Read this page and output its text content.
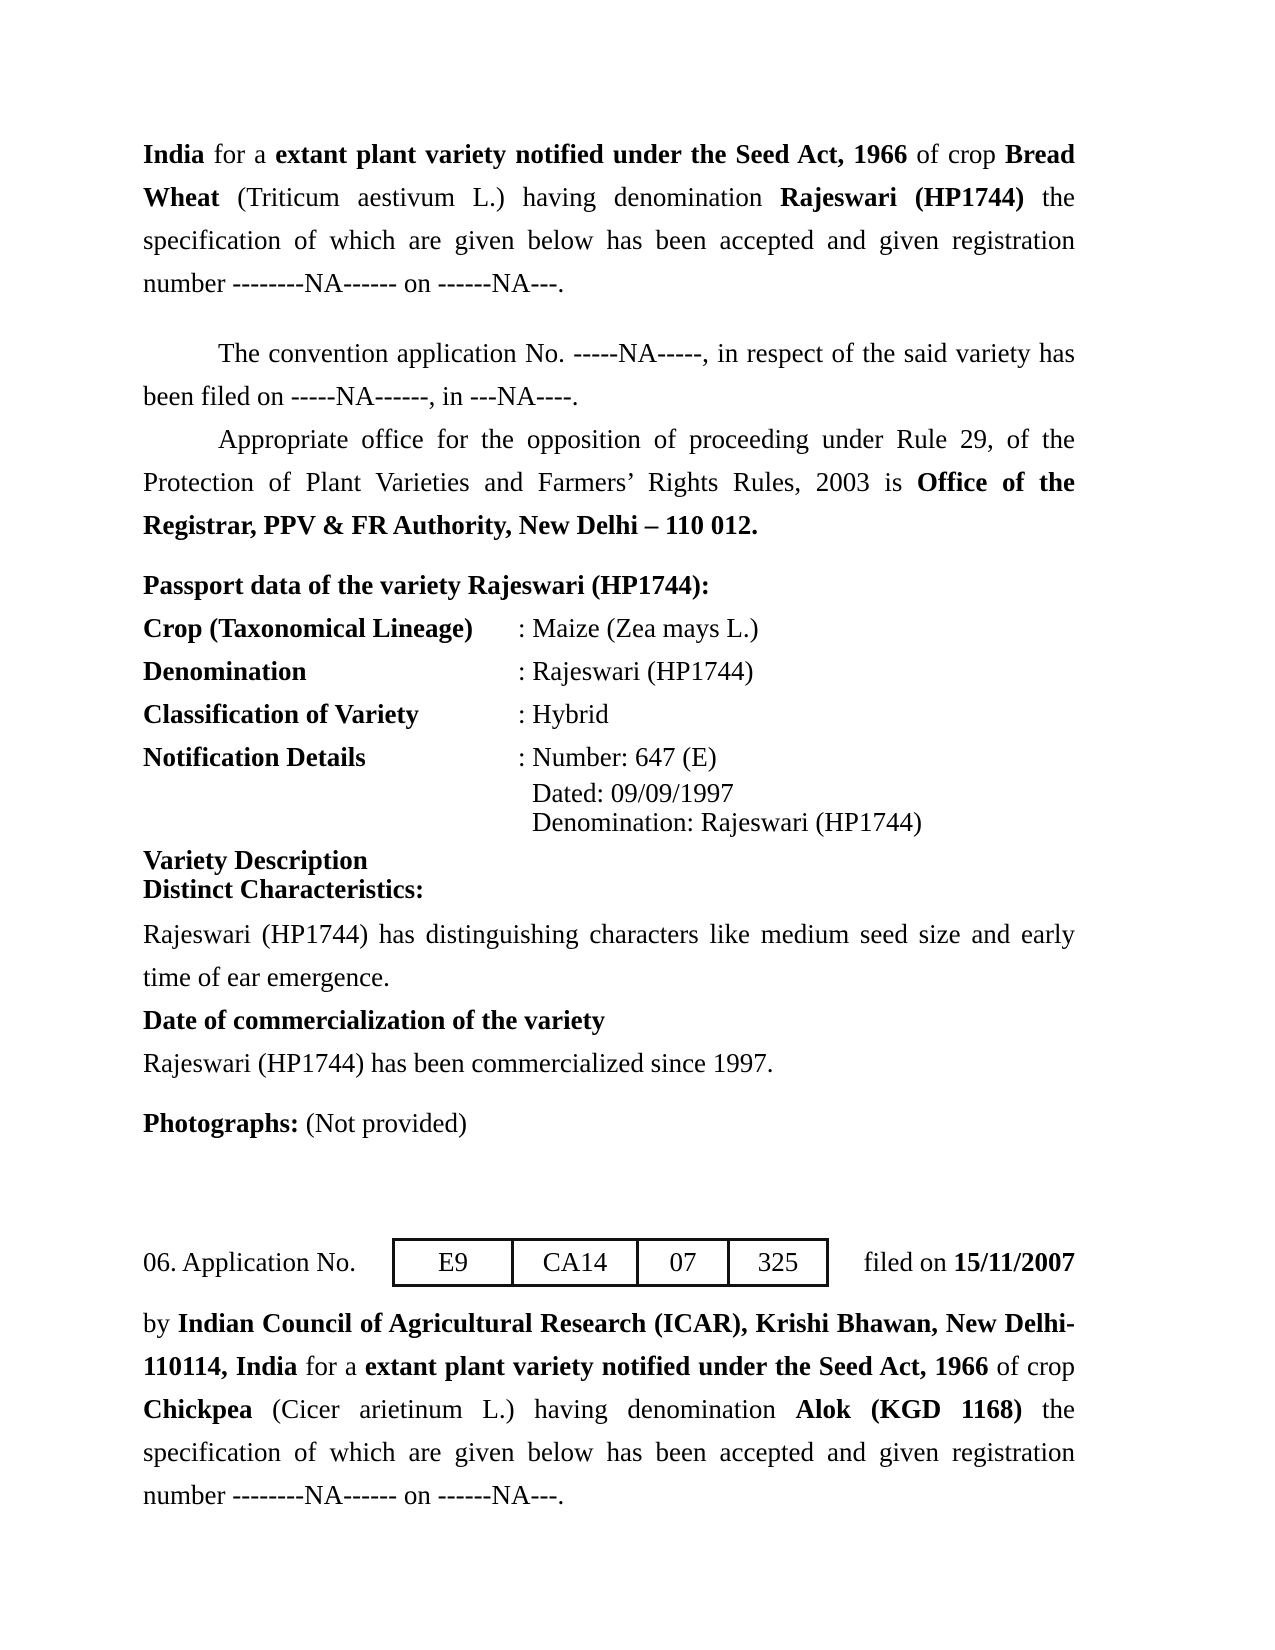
India for a extant plant variety notified under the Seed Act, 1966 of crop Bread Wheat (Triticum aestivum L.) having denomination Rajeswari (HP1744) the specification of which are given below has been accepted and given registration number --------NA------ on ------NA---.

The convention application No. -----NA-----, in respect of the said variety has been filed on -----NA------, in ---NA----.

Appropriate office for the opposition of proceeding under Rule 29, of the Protection of Plant Varieties and Farmers’ Rights Rules, 2003 is Office of the Registrar, PPV & FR Authority, New Delhi – 110 012.

Passport data of the variety Rajeswari (HP1744):

Crop (Taxonomical Lineage)	: Maize (Zea mays L.)
Denomination	: Rajeswari (HP1744)
Classification of Variety	: Hybrid
Notification Details	: Number: 647 (E)
Dated: 09/09/1997
Denomination: Rajeswari (HP1744)
Variety Description
Distinct Characteristics:

Rajeswari (HP1744) has distinguishing characters like medium seed size and early time of ear emergence.

Date of commercialization of the variety
Rajeswari (HP1744) has been commercialized since 1997.

Photographs: (Not provided)

06. Application No.	E9	CA14	07	325 filed on 15/11/2007

by Indian Council of Agricultural Research (ICAR), Krishi Bhawan, New Delhi-110114, India for a extant plant variety notified under the Seed Act, 1966 of crop Chickpea (Cicer arietinum L.) having denomination Alok (KGD 1168) the specification of which are given below has been accepted and given registration number --------NA------ on ------NA---.
